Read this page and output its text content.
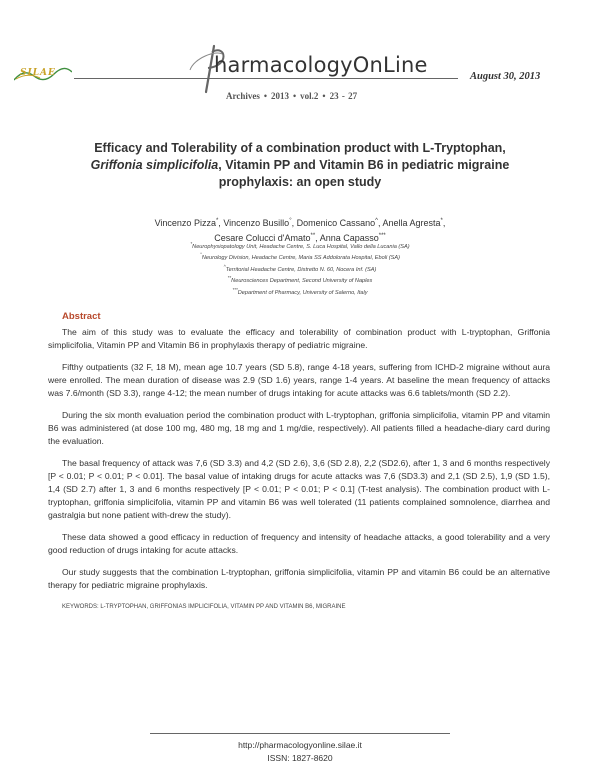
SILAE	harmacologyOnLine	August 30, 2013
Archives • 2013 • vol.2 • 23 - 27
Efficacy and Tolerability of a combination product with L-Tryptophan,
Griffonia simplicifolia, Vitamin PP and Vitamin B6 in pediatric migraine
prophylaxis: an open study
Vincenzo Pizza*, Vincenzo Busillo°, Domenico Cassano^, Anella Agresta*,
Cesare Colucci d'Amato**, Anna Capasso***
*Neurophysiopatology Unit, Headache Centre, S. Luca Hospital, Vallo della Lucania (SA)
°Neurology Division, Headache Centre, Maria SS Addolorata Hospital, Eboli (SA)
^Territorial Headache Centre, Distretto N. 60, Nocera Inf. (SA)
**Neurosciences Department, Second University of Naples
***Department of Pharmacy, University of Salerno, Italy
Abstract

The aim of this study was to evaluate the efficacy and tolerability of combination product with L-tryptophan, Griffonia simplicifolia, Vitamin PP and Vitamin B6 in prophylaxis therapy of pediatric migraine.

Fifthy outpatients (32 F, 18 M), mean age 10.7 years (SD 5.8), range 4-18 years, suffering from ICHD-2 migraine without aura were enrolled. The mean duration of disease was 2.9 (SD 1.6) years, range 1-4 years. At baseline the mean frequency of attacks was 7.6/month (SD 3.3), range 4-12; the mean number of drugs intaking for acute attacks was 6.6 tablets/month (SD 2.2).

During the six month evaluation period the combination product with L-tryptophan, griffonia simplicifolia, vitamin PP and vitamin B6 was administered (at dose 100 mg, 480 mg, 18 mg and 1 mg/die, respectively). All patients filled a headache-diary card during the evaluation.

The basal frequency of attack was 7,6 (SD 3.3) and 4,2 (SD 2.6), 3,6 (SD 2.8), 2,2 (SD2.6), after 1, 3 and 6 months respectively [P < 0.01; P < 0.01; P < 0.01]. The basal value of intaking drugs for acute attacks was 7,6 (SD3.3) and 2,1 (SD 2.5), 1,9 (SD 1.5), 1,4 (SD 2.7) after 1, 3 and 6 months respectively [P < 0.01; P < 0.01; P < 0.1] (T-test analysis). The combination product with L-tryptophan, griffonia simplicifolia, vitamin PP and vitamin B6 was well tolerated (11 patients complained somnolence, diarrhea and gastralgia but none patient with-drew the study).

These data showed a good efficacy in reduction of frequency and intensity of headache attacks, a good tolerability and a very good reduction of drugs intaking for acute attacks.

Our study suggests that the combination L-tryptophan, griffonia simplicifolia, vitamin PP and vitamin B6 could be an alternative therapy for pediatric migraine prophylaxis.

KEYWORDS: L-TRYPTOPHAN, GRIFFONIAS IMPLICIFOLIA, VITAMIN PP AND VITAMIN B6, MIGRAINE

http://pharmacologyonline.silae.it
ISSN: 1827-8620
